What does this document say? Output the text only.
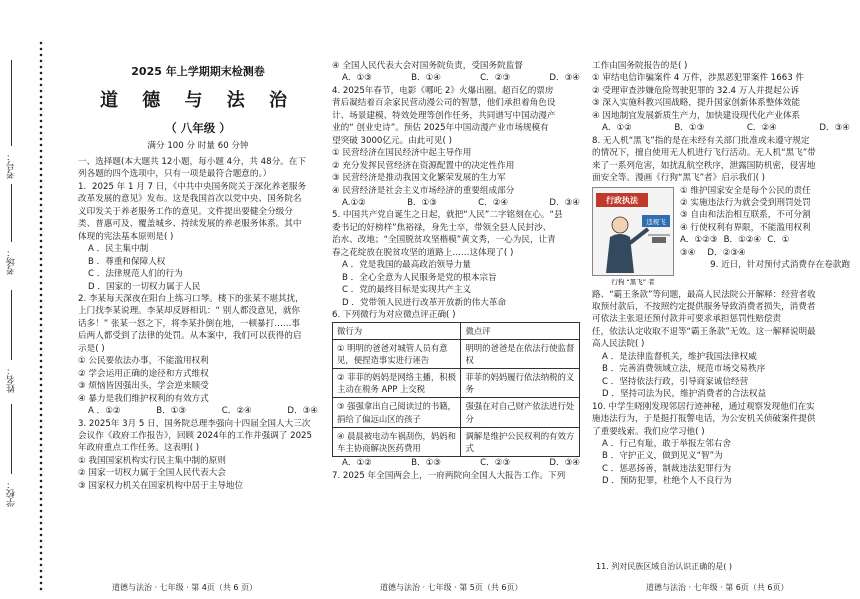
考号：
考场：
姓名：
学校：
2025 年上学期期末检测卷
道 德 与 法 治
（ 八年级 ）
满分 100 分 时量 60 分钟

一、选择题(本大题共 12小题，每小题 4分，共 48分。在下

列各题的四个选项中，只有一项是最符合题意的。）

1．2025 年 1 月 7 日，《中共中央国务院关于深化养老服务

改革发展的意见》发布。这是我国首次以党中央、国务院名

义印发关于养老服务工作的意见。文件提出要健全分级分

类、普惠可及、覆盖城乡、持续发展的养老服务体系。其中

体现的宪法基本原则是( )

A ．民主集中制

B ．尊重和保障人权

C ．法律规范人们的行为

D ．国家的一切权力属于人民

2. 李某每天深夜在阳台上练习口琴。楼下的张某不堪其扰，

上门找李某说理。李某却反唇相讥：“ 别人都没意见，就你

话多！” 张某一怒之下，将李某扑倒在地，一顿暴打……事

后两人都受到了法律的处罚。从本案中，我们可以获得的启

示是( )

① 公民要依法办事，不能滥用权利

② 学会运用正确的途径和方式维权

③ 烦恼皆因强出头，学会逆来顺受

④ 暴力是我们维护权利的有效方式

A ．①②	B．①③	C．②④	D．③④

3. 2025年 3月 5 日，国务院总理李强向十四届全国人大三次

会议作《政府工作报告》，回顾 2024年的工作并强调了 2025

年政府重点工作任务。这表明( )

① 我国国家机构实行民主集中制的原则

② 国家一切权力属于全国人民代表大会

③ 国家权力机关在国家机构中居于主导地位

道德与法治 · 七年级 · 第 4页（共 6 页）

④ 全国人民代表大会对国务院负责，受国务院监督

A．①③	B．①④	C．②③	D．③④

4. 2025年春节，电影《哪吒 2》火爆出圈。超百亿的票房

背后凝结着百余家民营动漫公司的智慧，他们承担着角色设

计、场景建模、特效处理等创作任务，共同谱写中国动漫产

业的“ 创业史诗”。预估 2025年中国动漫产业市场规模有

望突破 3000亿元。由此可见( )

① 民营经济在国民经济中起主导作用

② 充分发挥民营经济在资源配置中的决定性作用

③ 民营经济是推动我国文化繁荣发展的生力军

④ 民营经济是社会主义市场经济的重要组成部分

A.①②	B．①③	C．②④	D．③④

5. 中国共产党自诞生之日起，就把“人民”二字铭刻在心。“县

委书记的好榜样”焦裕禄，身先士卒，带领全县人民封沙、

治水、改地；“全国脱贫攻坚楷模”黄文秀，一心为民，让青

春之花绽放在脱贫攻坚的道路上……这体现了( )

A ．党是我国的最高政治领导力量

B ．全心全意为人民服务是党的根本宗旨

C ．党的最终目标是实现共产主义

D ．党带领人民进行改革开放新的伟大革命

6. 下列微行为对应微点评正确( )

微行为	微点评
① 明明的爸爸对城管人员有意见，便捏造事实进行诬告	明明的爸爸是在依法行使监督权
② 菲菲的妈妈是网络主播，积极主动在税务 APP 上交税	菲菲的妈妈履行依法纳税的义务
③ 强强拿出自己阅读过的书籍，捐给了偏远山区的孩子	强强在对自己财产依法进行处分
④ 晨晨被电动车祸刮伤，妈妈和车主协商解决医药费用	调解是维护公民权利的有效方式
A．①②	B．①③	C．②③	D．③④

7. 2025 年全国两会上，一府两院向全国人大报告工作。下列

道德与法治 · 七年级 · 第 5页（共 6页）

工作由国务院报告的是( )

① 审结电信诈骗案件 4 万件，涉黑恶犯罪案件 1663 件

② 受理审查涉嫌危险驾驶犯罪的 32.4 万人并提起公诉

③ 深入实施科教兴国战略，提升国家创新体系整体效能

④ 因地制宜发展新质生产力，加快建设现代化产业体系

A．①②	B．①③	C．②④	D．③④

8. 无人机“黑飞”指的是在未经有关部门批准或未遵守规定

的情况下，擅自使用无人机进行飞行活动。无人机“黑飞”带

来了一系列危害，如扰乱航空秩序，泄露国防机密，侵害地

面安全等。漫画《行狗“黑飞”者》启示我们( )

行政执法
违规飞
行狗 “黑飞” 者

① 维护国家安全是每个公民的责任

② 实施违法行为就会受到刑罚处罚

③ 自由和法治相互联系，不可分割

④ 行使权利有界限，不能滥用权利

A．①②③ B．①②④ C．①
③④ D．②③④

9. 近日，针对预付式消费存在卷款跑

路、“霸王条款”等问题，最高人民法院公开解释：经营者收

取预付款后，不按照约定提供服务导致消费者损失，消费者

可依法主张退还预付款并可要求承担惩罚性赔偿责

任，依法认定收取不退等“霸王条款”无效。这一解释说明最

高人民法院( )

A ．是法律监督机关，维护我国法律权威

B ．完善消费领域立法，规范市场交易秩序

C ．坚持依法行政，引导商家诚信经营

D ．坚持司法为民，维护消费者的合法权益

10. 中学生晓刚发现邻居行迹神秘，通过观察发现他们在实

施违法行为，于是挺打报警电话，为公安机关侦破案件提供

了重要线索。我们应学习他( )

A ．行己有耻，敢于举报左邻右舍

B ．守护正义，做到见义“智”为

C ．惩恶扬善，制裁违法犯罪行为

D ．预防犯罪，杜绝个人不良行为

11. 列对民族区域自治认识正确的是( )
道德与法治 · 七年级 · 第 6页（共 6页）
